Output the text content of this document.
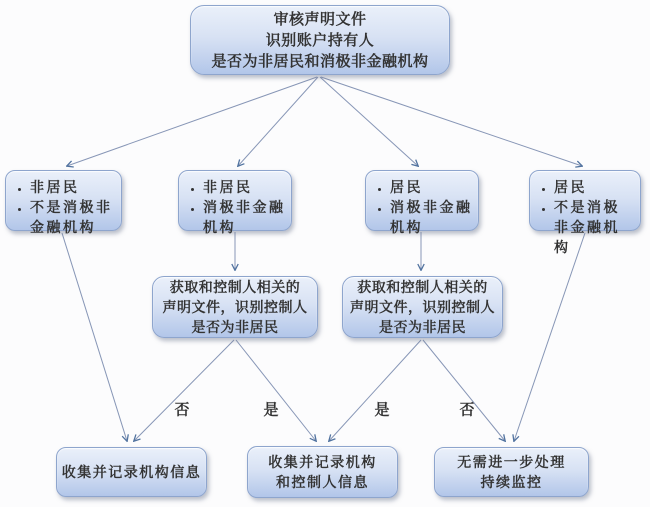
审核声明文件
识别账户持有人
是否为非居民和消极非金融机构
• 非居民
• 不是消极非金融机构
• 非居民
• 消极非金融机构
• 居民
• 消极非金融机构
• 居民
• 不是消极非金融机构
获取和控制人相关的
声明文件，识别控制人
是否为非居民
获取和控制人相关的
声明文件，识别控制人
是否为非居民
否	是	是	否
收集并记录机构信息
收集并记录机构
和控制人信息
无需进一步处理
持续监控
